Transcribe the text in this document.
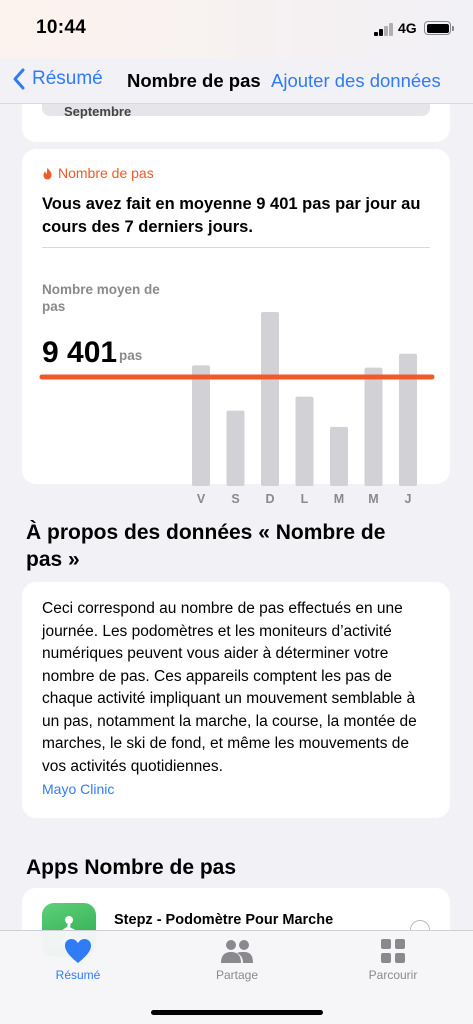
10:44	4G
Résumé Nombre de pas Ajouter des données
Septembre
Nombre de pas
Vous avez fait en moyenne 9 401 pas par jour au cours des 7 derniers jours.
Nombre moyen de pas
9 401 pas
V S D L M M J
À propos des données « Nombre de pas »
Ceci correspond au nombre de pas effectués en une journée. Les podomètres et les moniteurs d’activité numériques peuvent vous aider à déterminer votre nombre de pas. Ces appareils comptent les pas de chaque activité impliquant un mouvement semblable à un pas, notamment la marche, la course, la montée de marches, le ski de fond, et même les mouvements de vos activités quotidiennes.
Mayo Clinic
Apps Nombre de pas
Stepz - Podomètre Pour Marche
Résumé	Partage	Parcourir
